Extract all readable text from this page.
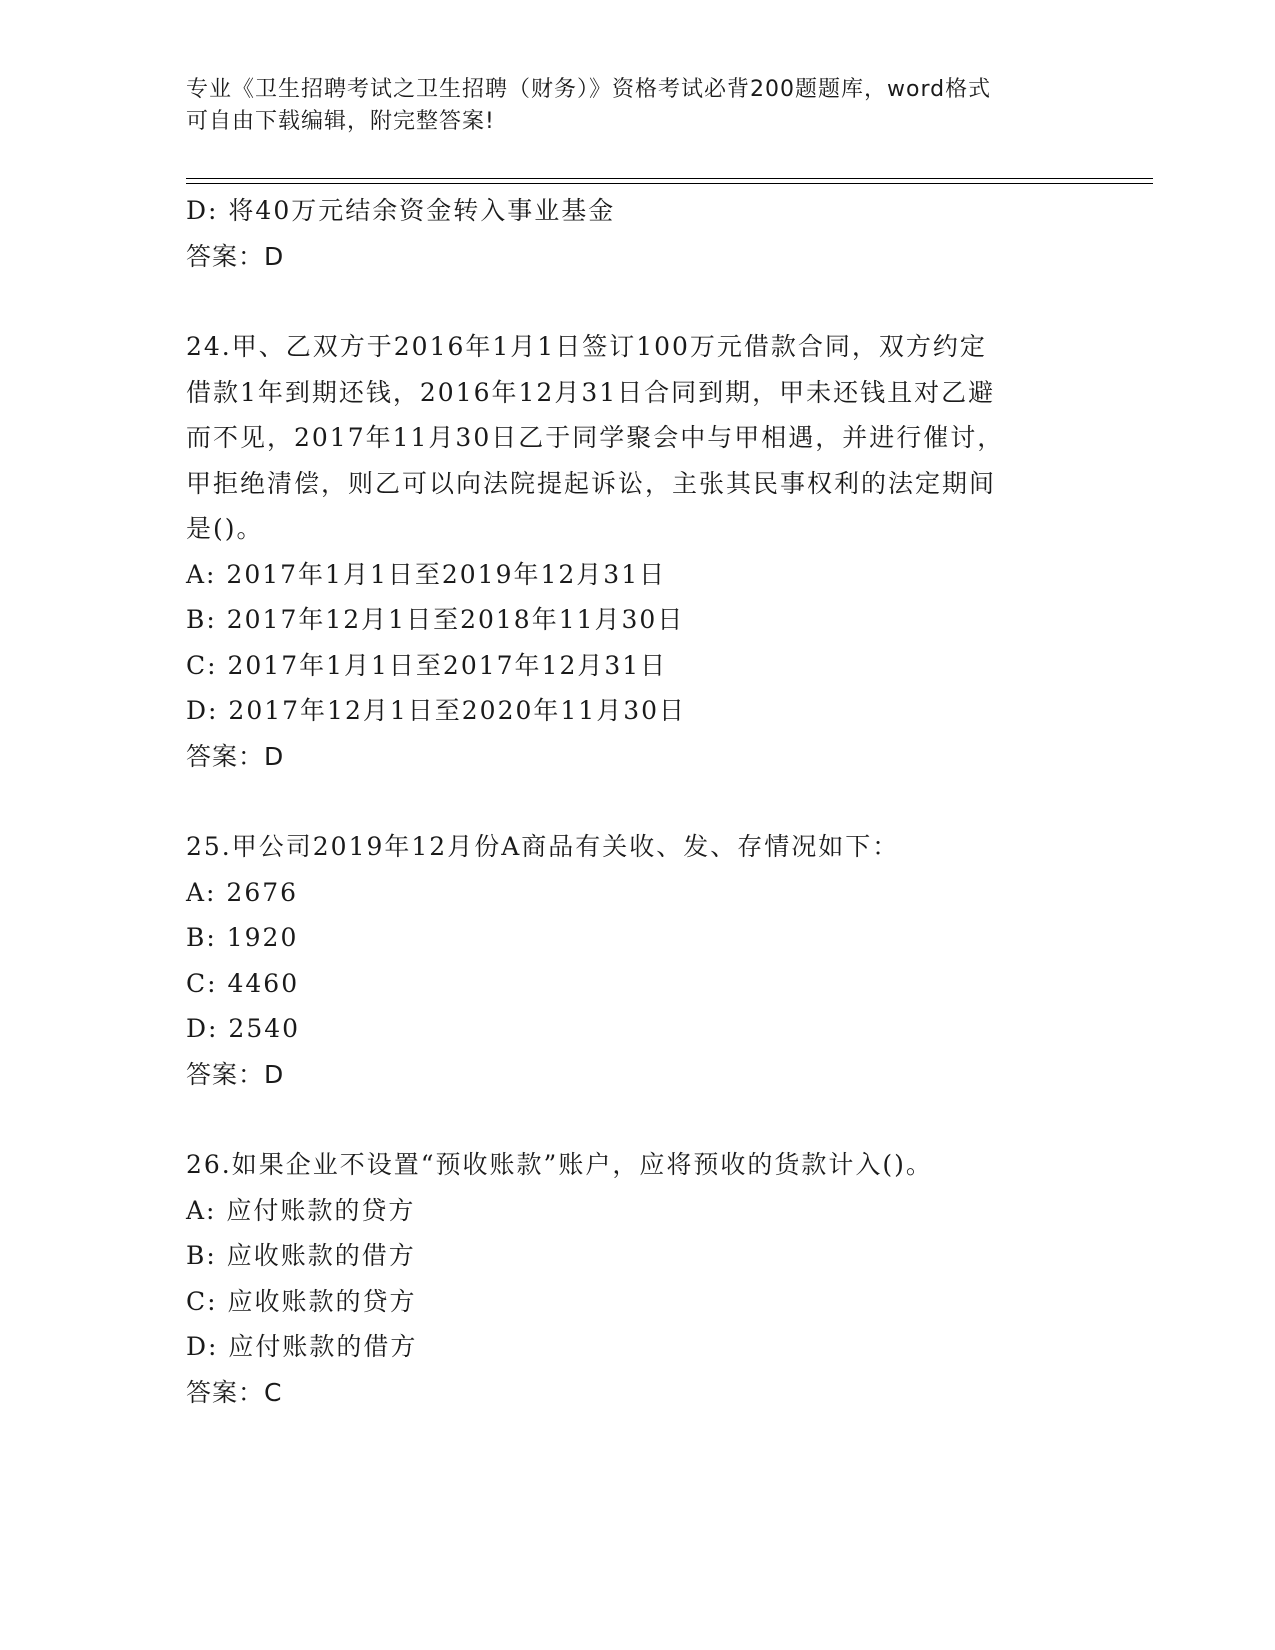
专业《卫生招聘考试之卫生招聘（财务）》资格考试必背200题题库，word格式
可自由下载编辑，附完整答案!
D: 将40万元结余资金转入事业基金
答案：D
24.甲、乙双方于2016年1月1日签订100万元借款合同，双方约定
借款1年到期还钱，2016年12月31日合同到期，甲未还钱且对乙避
而不见，2017年11月30日乙于同学聚会中与甲相遇，并进行催讨，
甲拒绝清偿，则乙可以向法院提起诉讼，主张其民事权利的法定期间
是()。
A: 2017年1月1日至2019年12月31日
B: 2017年12月1日至2018年11月30日
C: 2017年1月1日至2017年12月31日
D: 2017年12月1日至2020年11月30日
答案：D
25.甲公司2019年12月份A商品有关收、发、存情况如下：
A: 2676
B: 1920
C: 4460
D: 2540
答案：D
26.如果企业不设置“预收账款”账户，应将预收的货款计入()。
A: 应付账款的贷方
B: 应收账款的借方
C: 应收账款的贷方
D: 应付账款的借方
答案：C
